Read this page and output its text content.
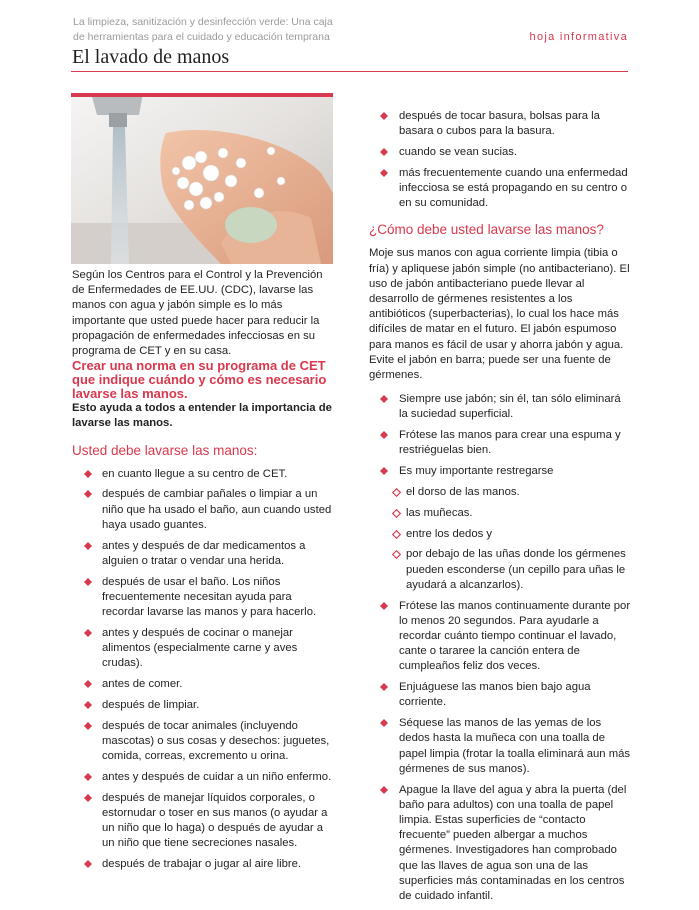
La limpieza, sanitización y desinfección verde: Una caja
de herramientas para el cuidado y educación temprana	hoja informativa
El lavado de manos

Según los Centros para el Control y la Prevención de Enfermedades de EE.UU. (CDC), lavarse las manos con agua y jabón simple es lo más importante que usted puede hacer para reducir la propagación de enfermedades infecciosas en su programa de CET y en su casa.

Crear una norma en su programa de CET que indique cuándo y cómo es necesario lavarse las manos.

Esto ayuda a todos a entender la importancia de lavarse las manos.

Usted debe lavarse las manos:
en cuanto llegue a su centro de CET.
después de cambiar pañales o limpiar a un niño que ha usado el baño, aun cuando usted haya usado guantes.
antes y después de dar medicamentos a alguien o tratar o vendar una herida.
después de usar el baño. Los niños frecuentemente necesitan ayuda para recordar lavarse las manos y para hacerlo.
antes y después de cocinar o manejar alimentos (especialmente carne y aves crudas).
antes de comer.
después de limpiar.
después de tocar animales (incluyendo mascotas) o sus cosas y desechos: juguetes, comida, correas, excremento u orina.
antes y después de cuidar a un niño enfermo.
después de manejar líquidos corporales, o estornudar o toser en sus manos (o ayudar a un niño que lo haga) o después de ayudar a un niño que tiene secreciones nasales.
después de trabajar o jugar al aire libre.
después de tocar basura, bolsas para la basara o cubos para la basura.
cuando se vean sucias.
más frecuentemente cuando una enfermedad infecciosa se está propagando en su centro o en su comunidad.
¿Cómo debe usted lavarse las manos?

Moje sus manos con agua corriente limpia (tibia o fría) y apliquese jabón simple (no antibacteriano). El uso de jabón antibacteriano puede llevar al desarrollo de gérmenes resistentes a los antibióticos (superbacterias), lo cual los hace más difíciles de matar en el futuro. El jabón espumoso para manos es fácil de usar y ahorra jabón y agua. Evite el jabón en barra; puede ser una fuente de gérmenes.

Siempre use jabón; sin él, tan sólo eliminará la suciedad superficial.
Frótese las manos para crear una espuma y restriéguelas bien.
Es muy importante restregarse
el dorso de las manos.
las muñecas.
entre los dedos y
por debajo de las uñas donde los gérmenes pueden esconderse (un cepillo para uñas le ayudará a alcanzarlos).
Frótese las manos continuamente durante por lo menos 20 segundos. Para ayudarle a recordar cuánto tiempo continuar el lavado, cante o tararee la canción entera de cumpleaños feliz dos veces.
Enjuáguese las manos bien bajo agua corriente.
Séquese las manos de las yemas de los dedos hasta la muñeca con una toalla de papel limpia (frotar la toalla eliminará aun más gérmenes de sus manos).
Apague la llave del agua y abra la puerta (del baño para adultos) con una toalla de papel limpia. Estas superficies de “contacto frecuente” pueden albergar a muchos gérmenes. Investigadores han comprobado que las llaves de agua son una de las superficies más contaminadas en los centros de cuidado infantil.
